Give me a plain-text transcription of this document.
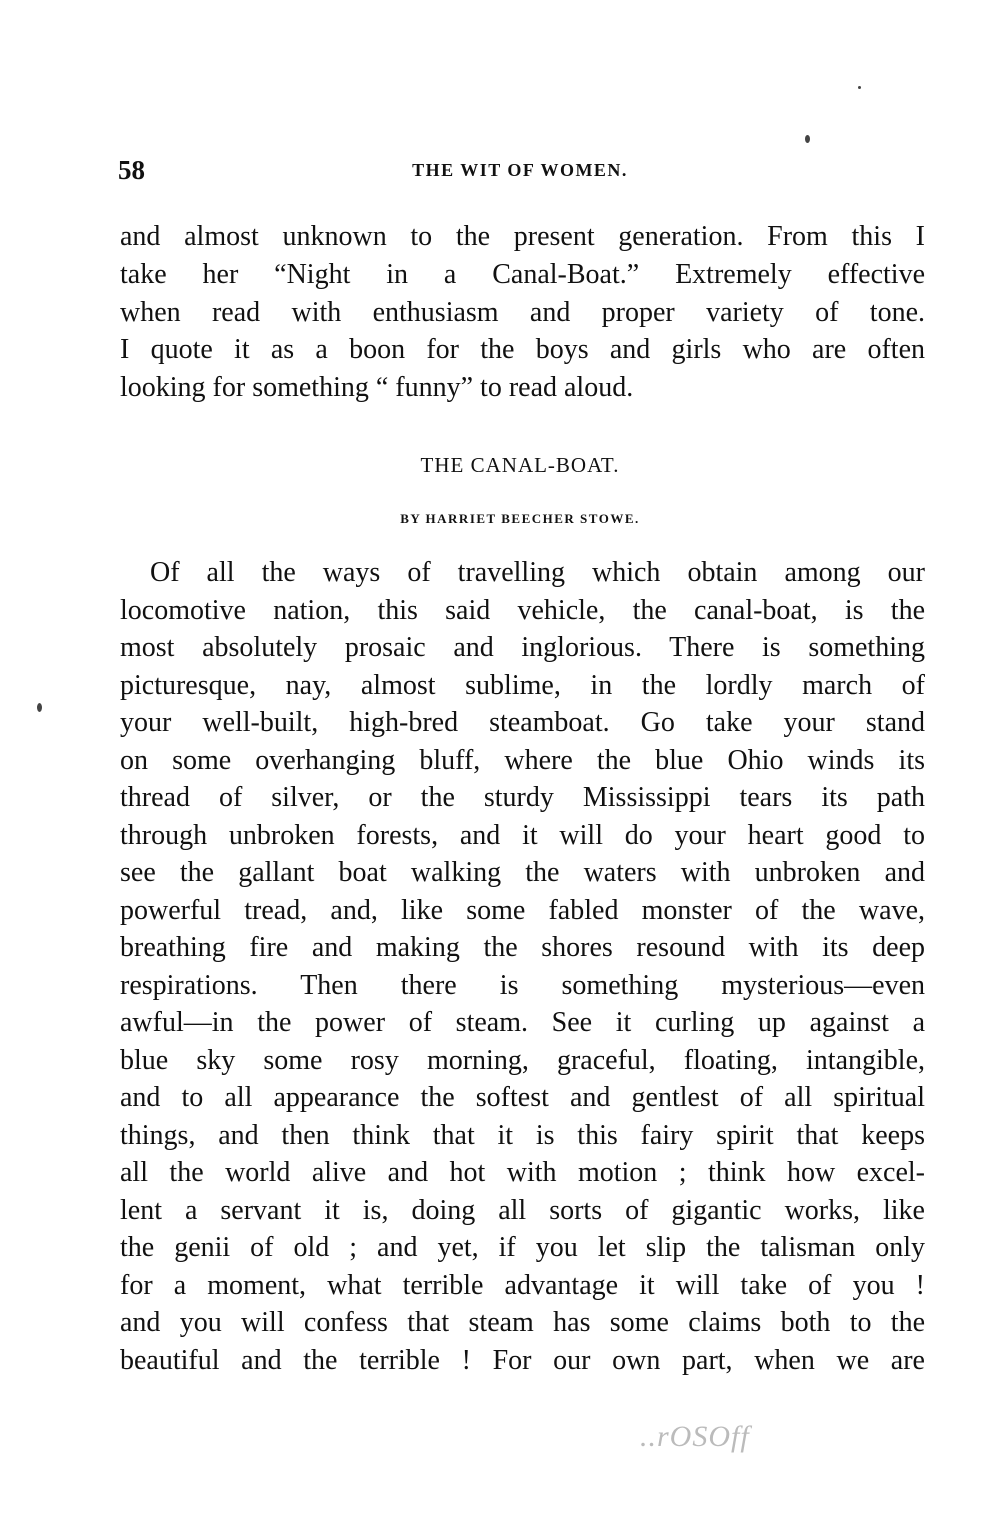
58	THE WIT OF WOMEN.
and almost unknown to the present generation. From this I
take her “Night in a Canal-Boat.” Extremely effective
when read with enthusiasm and proper variety of tone.
I quote it as a boon for the boys and girls who are often
looking for something “ funny” to read aloud.
THE CANAL-BOAT.
BY HARRIET BEECHER STOWE.
Of all the ways of travelling which obtain among our
locomotive nation, this said vehicle, the canal-boat, is the
most absolutely prosaic and inglorious. There is something
picturesque, nay, almost sublime, in the lordly march of
your well-built, high-bred steamboat. Go take your stand
on some overhanging bluff, where the blue Ohio winds its
thread of silver, or the sturdy Mississippi tears its path
through unbroken forests, and it will do your heart good to
see the gallant boat walking the waters with unbroken and
powerful tread, and, like some fabled monster of the wave,
breathing fire and making the shores resound with its deep
respirations. Then there is something mysterious—even
awful—in the power of steam. See it curling up against a
blue sky some rosy morning, graceful, floating, intangible,
and to all appearance the softest and gentlest of all spiritual
things, and then think that it is this fairy spirit that keeps
all the world alive and hot with motion ; think how excel-
lent a servant it is, doing all sorts of gigantic works, like
the genii of old ; and yet, if you let slip the talisman only
for a moment, what terrible advantage it will take of you !
and you will confess that steam has some claims both to the
beautiful and the terrible ! For our own part, when we are
..rOSOff
